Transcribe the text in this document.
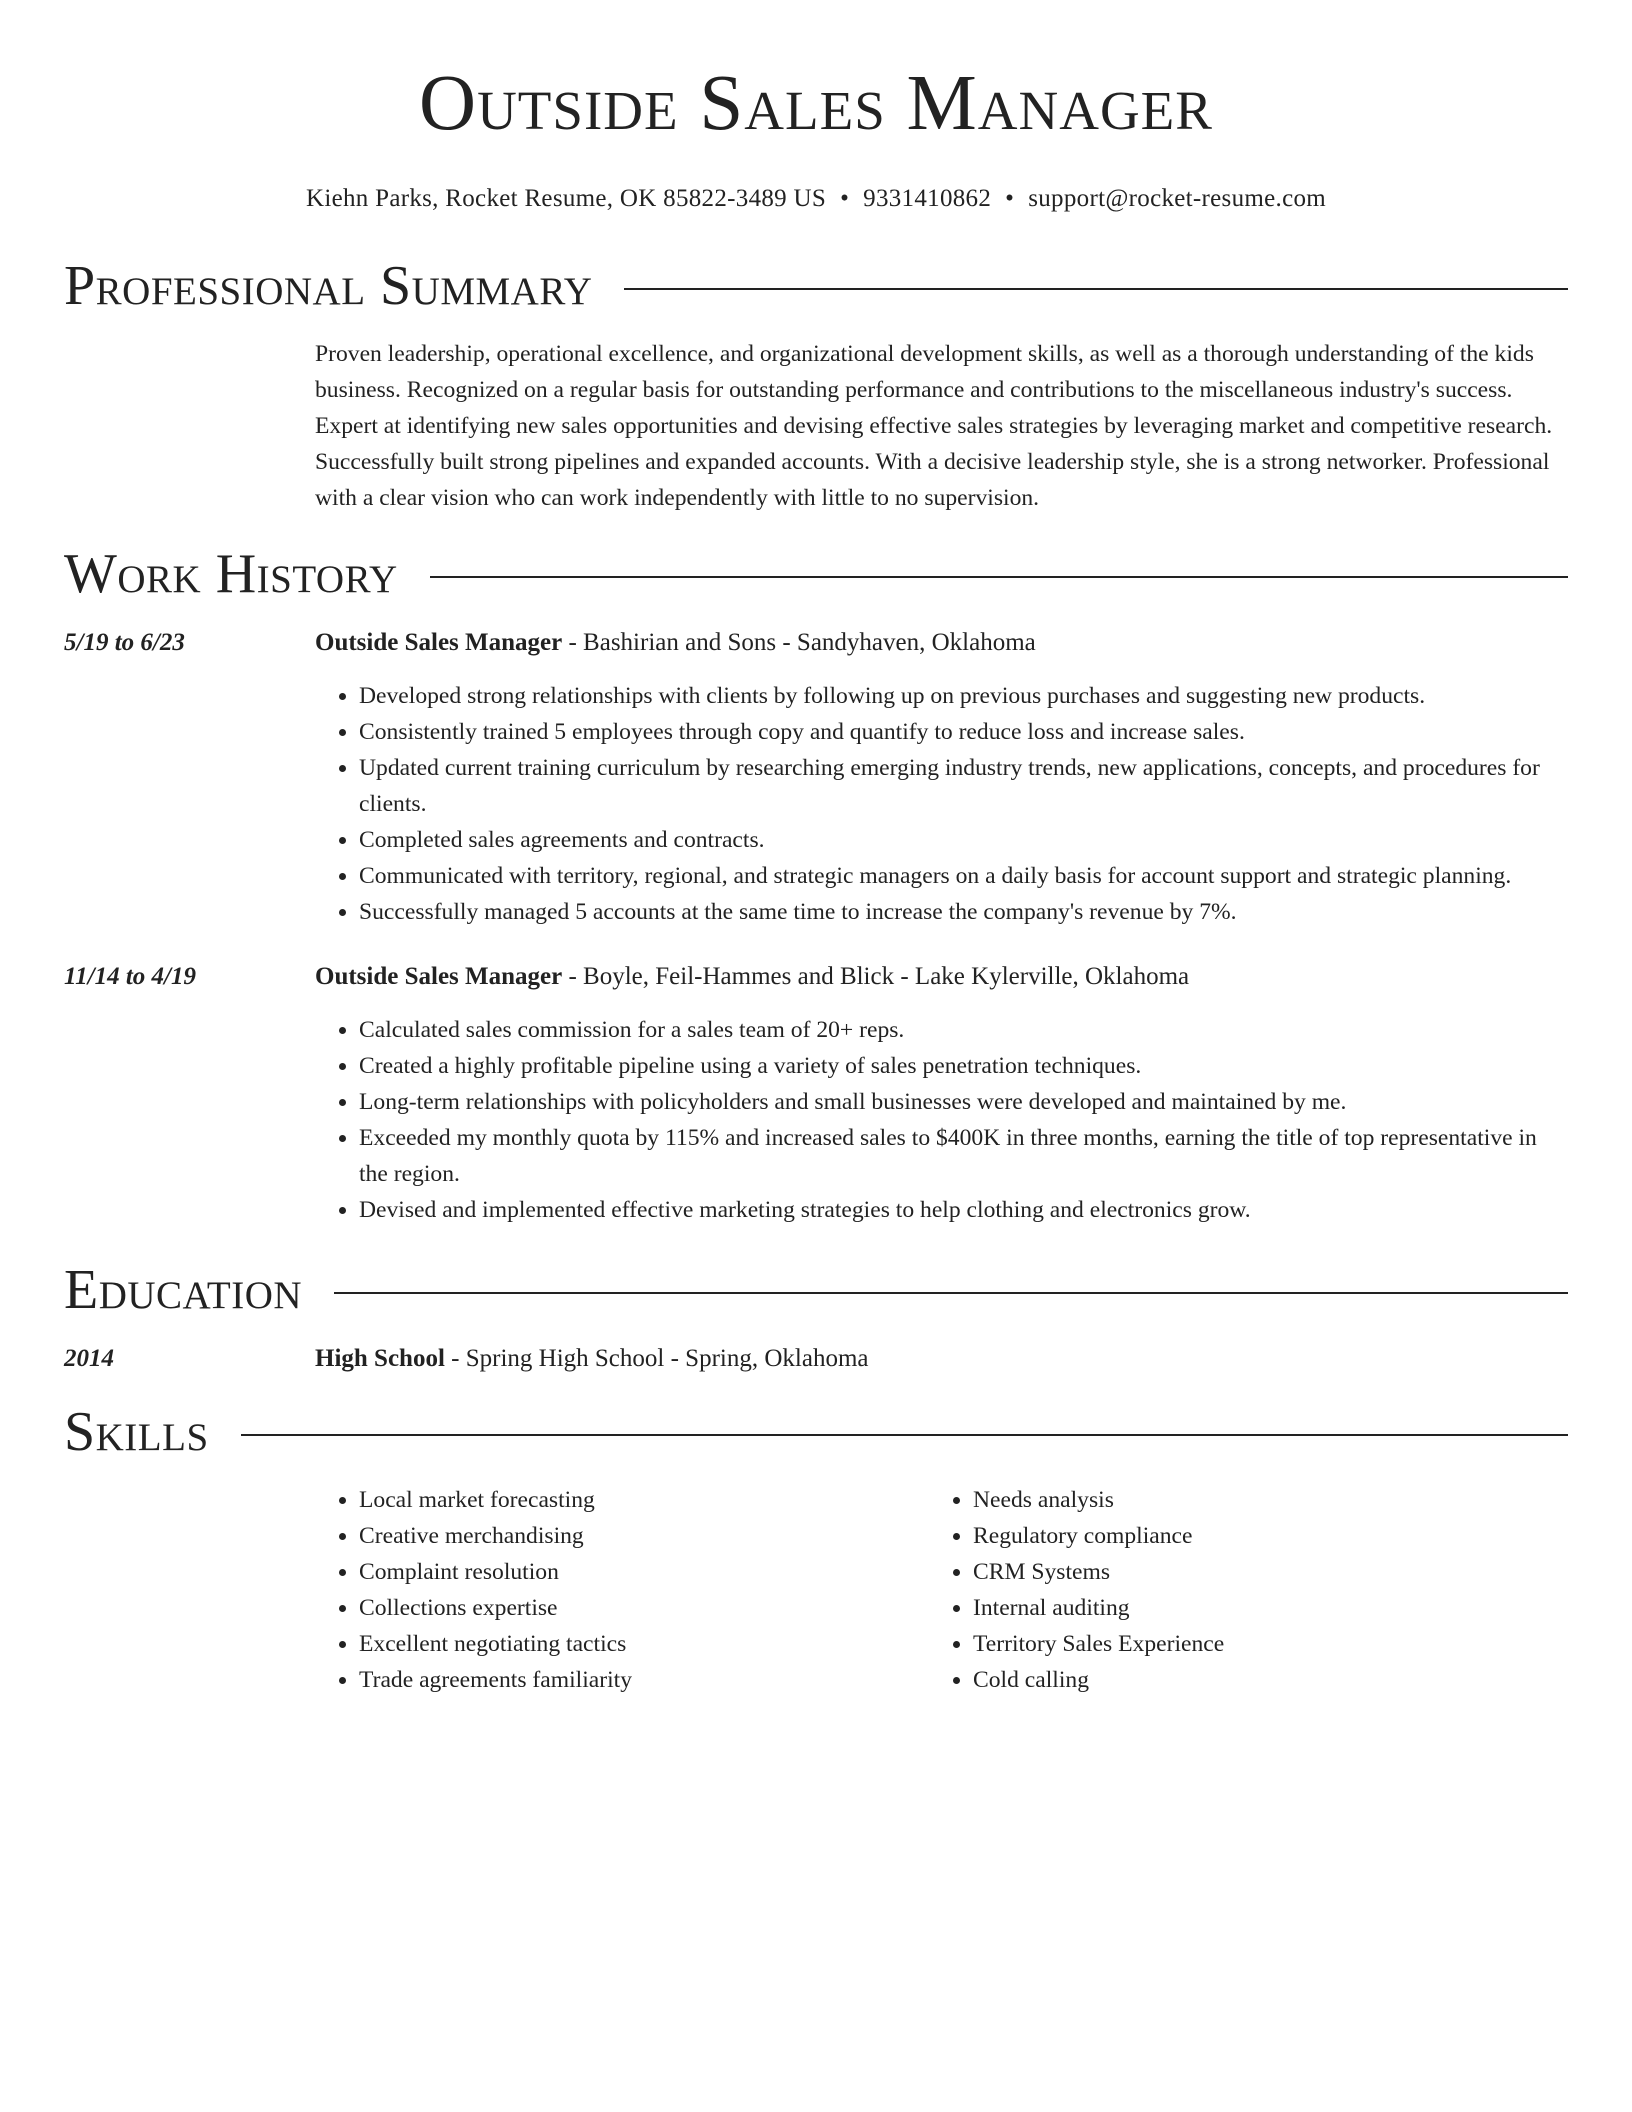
Outside Sales Manager
Kiehn Parks, Rocket Resume, OK 85822-3489 US • 9331410862 • support@rocket-resume.com
Professional Summary
Proven leadership, operational excellence, and organizational development skills, as well as a thorough understanding of the kids business. Recognized on a regular basis for outstanding performance and contributions to the miscellaneous industry's success. Expert at identifying new sales opportunities and devising effective sales strategies by leveraging market and competitive research. Successfully built strong pipelines and expanded accounts. With a decisive leadership style, she is a strong networker. Professional with a clear vision who can work independently with little to no supervision.
Work History
5/19 to 6/23	Outside Sales Manager - Bashirian and Sons - Sandyhaven, Oklahoma
• Developed strong relationships with clients by following up on previous purchases and suggesting new products.
• Consistently trained 5 employees through copy and quantify to reduce loss and increase sales.
• Updated current training curriculum by researching emerging industry trends, new applications, concepts, and procedures for clients.
• Completed sales agreements and contracts.
• Communicated with territory, regional, and strategic managers on a daily basis for account support and strategic planning.
• Successfully managed 5 accounts at the same time to increase the company's revenue by 7%.
11/14 to 4/19	Outside Sales Manager - Boyle, Feil-Hammes and Blick - Lake Kylerville, Oklahoma
• Calculated sales commission for a sales team of 20+ reps.
• Created a highly profitable pipeline using a variety of sales penetration techniques.
• Long-term relationships with policyholders and small businesses were developed and maintained by me.
• Exceeded my monthly quota by 115% and increased sales to $400K in three months, earning the title of top representative in the region.
• Devised and implemented effective marketing strategies to help clothing and electronics grow.
Education
2014	High School - Spring High School - Spring, Oklahoma
Skills
• Local market forecasting
• Creative merchandising
• Complaint resolution
• Collections expertise
• Excellent negotiating tactics
• Trade agreements familiarity
• Needs analysis
• Regulatory compliance
• CRM Systems
• Internal auditing
• Territory Sales Experience
• Cold calling
